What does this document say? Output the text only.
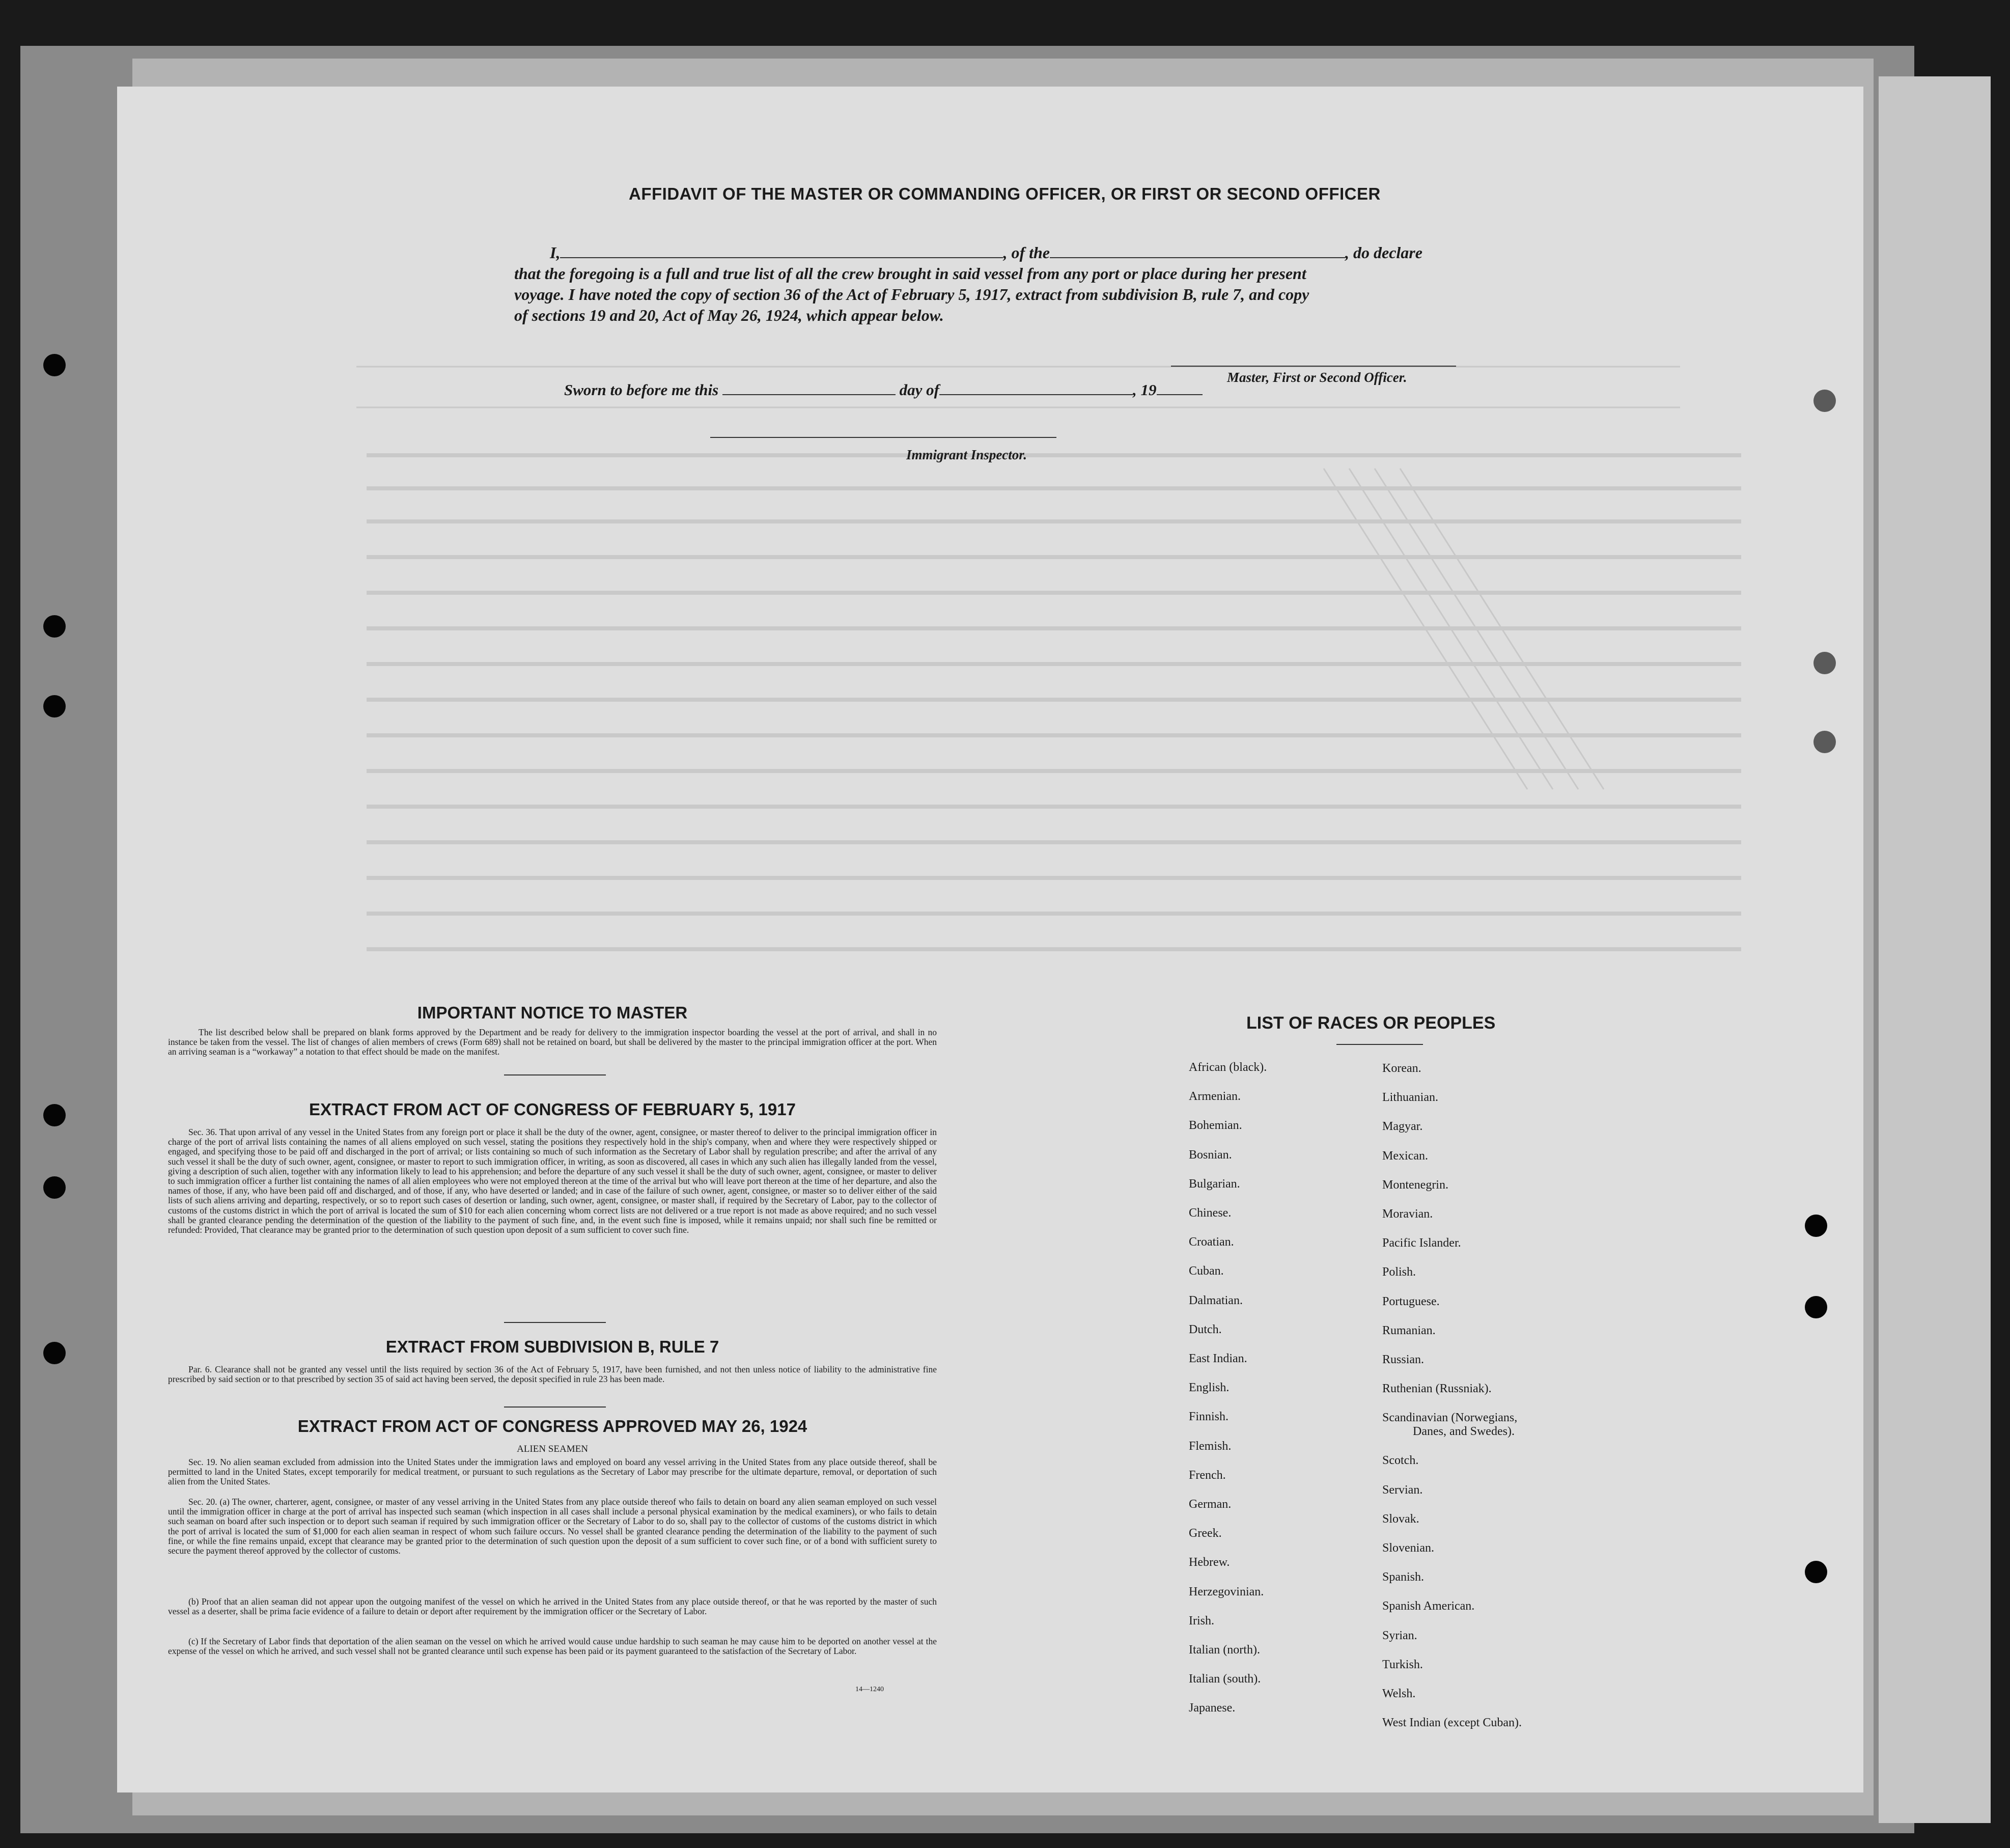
AFFIDAVIT OF THE MASTER OR COMMANDING OFFICER, OR FIRST OR SECOND OFFICER
I,	, of the	, do declare
that the foregoing is a full and true list of all the crew brought in said vessel from any port or place during her present
voyage. I have noted the copy of section 36 of the Act of February 5, 1917, extract from subdivision B, rule 7, and copy
of sections 19 and 20, Act of May 26, 1924, which appear below.
Master, First or Second Officer.
Sworn to before me this	day of	, 19
Immigrant Inspector.
IMPORTANT NOTICE TO MASTER
The list described below shall be prepared on blank forms approved by the Department and be ready for delivery to the immigration inspector boarding the vessel at the port of arrival, and shall in no instance be taken from the vessel. The list of changes of alien members of crews (Form 689) shall not be retained on board, but shall be delivered by the master to the principal immigration officer at the port. When an arriving seaman is a “workaway” a notation to that effect should be made on the manifest.
EXTRACT FROM ACT OF CONGRESS OF FEBRUARY 5, 1917
Sec. 36. That upon arrival of any vessel in the United States from any foreign port or place it shall be the duty of the owner, agent, consignee, or master thereof to deliver to the principal immigration officer in charge of the port of arrival lists containing the names of all aliens employed on such vessel, stating the positions they respectively hold in the ship's company, when and where they were respectively shipped or engaged, and specifying those to be paid off and discharged in the port of arrival; or lists containing so much of such information as the Secretary of Labor shall by regulation prescribe; and after the arrival of any such vessel it shall be the duty of such owner, agent, consignee, or master to report to such immigration officer, in writing, as soon as discovered, all cases in which any such alien has illegally landed from the vessel, giving a description of such alien, together with any information likely to lead to his apprehension; and before the departure of any such vessel it shall be the duty of such owner, agent, consignee, or master to deliver to such immigration officer a further list containing the names of all alien employees who were not employed thereon at the time of the arrival but who will leave port thereon at the time of her departure, and also the names of those, if any, who have been paid off and discharged, and of those, if any, who have deserted or landed; and in case of the failure of such owner, agent, consignee, or master so to deliver either of the said lists of such aliens arriving and departing, respectively, or so to report such cases of desertion or landing, such owner, agent, consignee, or master shall, if required by the Secretary of Labor, pay to the collector of customs of the customs district in which the port of arrival is located the sum of $10 for each alien concerning whom correct lists are not delivered or a true report is not made as above required; and no such vessel shall be granted clearance pending the determination of the question of the liability to the payment of such fine, and, in the event such fine is imposed, while it remains unpaid; nor shall such fine be remitted or refunded: Provided, That clearance may be granted prior to the determination of such question upon deposit of a sum sufficient to cover such fine.
EXTRACT FROM SUBDIVISION B, RULE 7
Par. 6. Clearance shall not be granted any vessel until the lists required by section 36 of the Act of February 5, 1917, have been furnished, and not then unless notice of liability to the administrative fine prescribed by said section or to that prescribed by section 35 of said act having been served, the deposit specified in rule 23 has been made.
EXTRACT FROM ACT OF CONGRESS APPROVED MAY 26, 1924
ALIEN SEAMEN
Sec. 19. No alien seaman excluded from admission into the United States under the immigration laws and employed on board any vessel arriving in the United States from any place outside thereof, shall be permitted to land in the United States, except temporarily for medical treatment, or pursuant to such regulations as the Secretary of Labor may prescribe for the ultimate departure, removal, or deportation of such alien from the United States.
Sec. 20. (a) The owner, charterer, agent, consignee, or master of any vessel arriving in the United States from any place outside thereof who fails to detain on board any alien seaman employed on such vessel until the immigration officer in charge at the port of arrival has inspected such seaman (which inspection in all cases shall include a personal physical examination by the medical examiners), or who fails to detain such seaman on board after such inspection or to deport such seaman if required by such immigration officer or the Secretary of Labor to do so, shall pay to the collector of customs of the customs district in which the port of arrival is located the sum of $1,000 for each alien seaman in respect of whom such failure occurs. No vessel shall be granted clearance pending the determination of the liability to the payment of such fine, or while the fine remains unpaid, except that clearance may be granted prior to the determination of such question upon the deposit of a sum sufficient to cover such fine, or of a bond with sufficient surety to secure the payment thereof approved by the collector of customs.
(b) Proof that an alien seaman did not appear upon the outgoing manifest of the vessel on which he arrived in the United States from any place outside thereof, or that he was reported by the master of such vessel as a deserter, shall be prima facie evidence of a failure to detain or deport after requirement by the immigration officer or the Secretary of Labor.
(c) If the Secretary of Labor finds that deportation of the alien seaman on the vessel on which he arrived would cause undue hardship to such seaman he may cause him to be deported on another vessel at the expense of the vessel on which he arrived, and such vessel shall not be granted clearance until such expense has been paid or its payment guaranteed to the satisfaction of the Secretary of Labor.
14—1240
LIST OF RACES OR PEOPLES
African (black).
Armenian.
Bohemian.
Bosnian.
Bulgarian.
Chinese.
Croatian.
Cuban.
Dalmatian.
Dutch.
East Indian.
English.
Finnish.
Flemish.
French.
German.
Greek.
Hebrew.
Herzegovinian.
Irish.
Italian (north).
Italian (south).
Japanese.
Korean.
Lithuanian.
Magyar.
Mexican.
Montenegrin.
Moravian.
Pacific Islander.
Polish.
Portuguese.
Rumanian.
Russian.
Ruthenian (Russniak).
Scandinavian (Norwegians,
Danes, and Swedes).
Scotch.
Servian.
Slovak.
Slovenian.
Spanish.
Spanish American.
Syrian.
Turkish.
Welsh.
West Indian (except Cuban).
